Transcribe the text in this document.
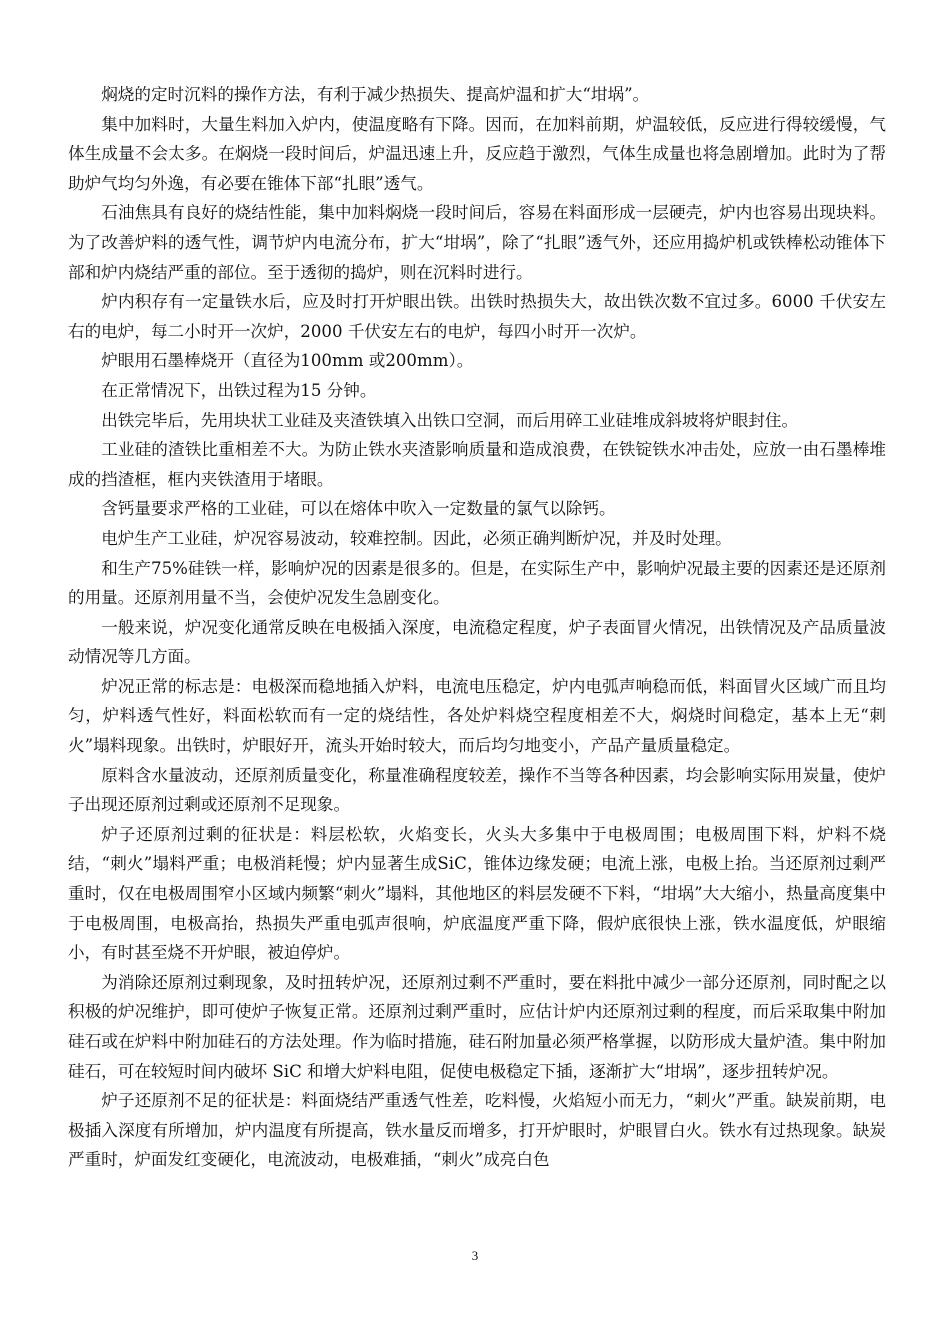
焖烧的定时沉料的操作方法，有利于减少热损失、提高炉温和扩大“坩埚”。

集中加料时，大量生料加入炉内，使温度略有下降。因而，在加料前期，炉温较低，反应进行得较缓慢，气体生成量不会太多。在焖烧一段时间后，炉温迅速上升，反应趋于激烈，气体生成量也将急剧增加。此时为了帮助炉气均匀外逸，有必要在锥体下部“扎眼”透气。

石油焦具有良好的烧结性能，集中加料焖烧一段时间后，容易在料面形成一层硬壳，炉内也容易出现块料。为了改善炉料的透气性，调节炉内电流分布，扩大“坩埚”，除了“扎眼”透气外，还应用捣炉机或铁棒松动锥体下部和炉内烧结严重的部位。至于透彻的捣炉，则在沉料时进行。

炉内积存有一定量铁水后，应及时打开炉眼出铁。出铁时热损失大，故出铁次数不宜过多。6000 千伏安左右的电炉，每二小时开一次炉，2000 千伏安左右的电炉，每四小时开一次炉。

炉眼用石墨棒烧开（直径为100mm 或200mm）。

在正常情况下，出铁过程为15 分钟。

出铁完毕后，先用块状工业硅及夹渣铁填入出铁口空洞，而后用碎工业硅堆成斜坡将炉眼封住。

工业硅的渣铁比重相差不大。为防止铁水夹渣影响质量和造成浪费，在铁锭铁水冲击处，应放一由石墨棒堆成的挡渣框，框内夹铁渣用于堵眼。

含钙量要求严格的工业硅，可以在熔体中吹入一定数量的氯气以除钙。

电炉生产工业硅，炉况容易波动，较难控制。因此，必须正确判断炉况，并及时处理。

和生产75%硅铁一样，影响炉况的因素是很多的。但是，在实际生产中，影响炉况最主要的因素还是还原剂的用量。还原剂用量不当，会使炉况发生急剧变化。

一般来说，炉况变化通常反映在电极插入深度，电流稳定程度，炉子表面冒火情况，出铁情况及产品质量波动情况等几方面。

炉况正常的标志是：电极深而稳地插入炉料，电流电压稳定，炉内电弧声响稳而低，料面冒火区域广而且均匀，炉料透气性好，料面松软而有一定的烧结性，各处炉料烧空程度相差不大，焖烧时间稳定，基本上无“刺火”塌料现象。出铁时，炉眼好开，流头开始时较大，而后均匀地变小，产品产量质量稳定。

原料含水量波动，还原剂质量变化，称量准确程度较差，操作不当等各种因素，均会影响实际用炭量，使炉子出现还原剂过剩或还原剂不足现象。

炉子还原剂过剩的征状是：料层松软，火焰变长，火头大多集中于电极周围；电极周围下料，炉料不烧结，“刺火”塌料严重；电极消耗慢；炉内显著生成SiC，锥体边缘发硬；电流上涨，电极上抬。当还原剂过剩严重时，仅在电极周围窄小区域内频繁“刺火”塌料，其他地区的料层发硬不下料，“坩埚”大大缩小，热量高度集中于电极周围，电极高抬，热损失严重电弧声很响，炉底温度严重下降，假炉底很快上涨，铁水温度低，炉眼缩小，有时甚至烧不开炉眼，被迫停炉。

为消除还原剂过剩现象，及时扭转炉况，还原剂过剩不严重时，要在料批中减少一部分还原剂，同时配之以积极的炉况维护，即可使炉子恢复正常。还原剂过剩严重时，应估计炉内还原剂过剩的程度，而后采取集中附加硅石或在炉料中附加硅石的方法处理。作为临时措施，硅石附加量必须严格掌握，以防形成大量炉渣。集中附加硅石，可在较短时间内破坏 SiC 和增大炉料电阻，促使电极稳定下插，逐渐扩大“坩埚”，逐步扭转炉况。

炉子还原剂不足的征状是：料面烧结严重透气性差，吃料慢，火焰短小而无力，“刺火”严重。缺炭前期，电极插入深度有所增加，炉内温度有所提高，铁水量反而增多，打开炉眼时，炉眼冒白火。铁水有过热现象。缺炭严重时，炉面发红变硬化，电流波动，电极难插，“刺火”成亮白色

3
